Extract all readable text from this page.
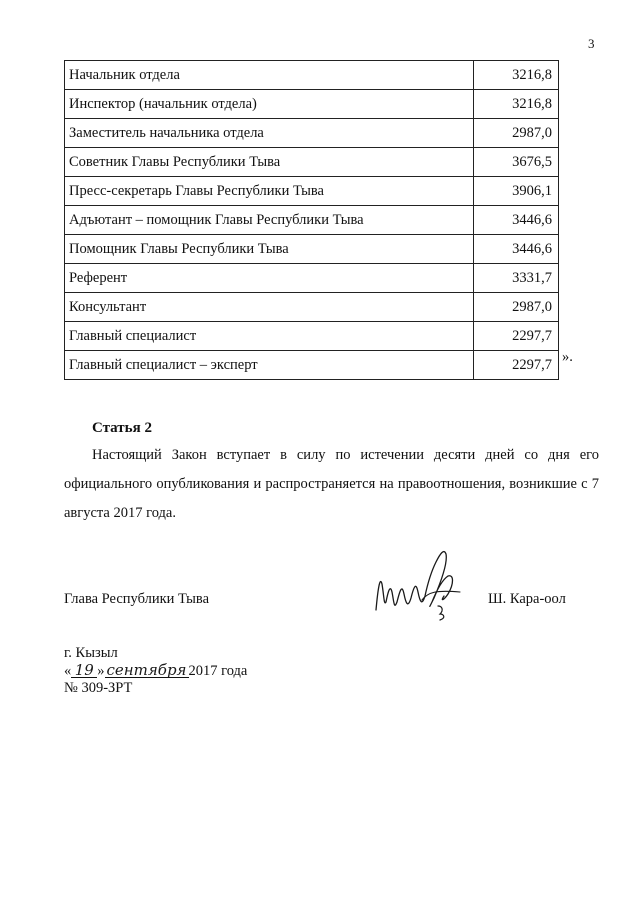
3
Начальник отдела	3216,8
Инспектор (начальник отдела)	3216,8
Заместитель начальника отдела	2987,0
Советник Главы Республики Тыва	3676,5
Пресс-секретарь Главы Республики Тыва	3906,1
Адъютант – помощник Главы Республики Тыва	3446,6
Помощник Главы Республики Тыва	3446,6
Референт	3331,7
Консультант	2987,0
Главный специалист	2297,7
Главный специалист – эксперт	2297,7 ».
Статья 2
Настоящий Закон вступает в силу по истечении десяти дней со дня его официального опубликования и распространяется на правоотношения, возникшие с 7 августа 2017 года.
Глава Республики Тыва	Ш. Кара-оол
г. Кызыл
« 19 » сентября 2017 года
№ 309-ЗРТ
